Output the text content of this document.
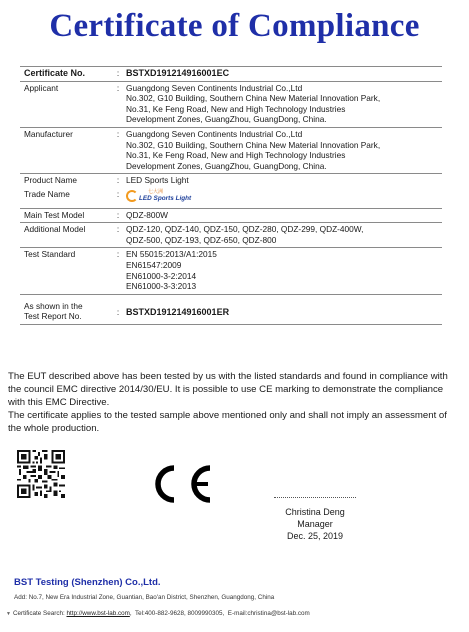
Certificate of Compliance
Certificate No.	:	BSTXD191214916001EC
Applicant	:	Guangdong Seven Continents Industrial Co.,Ltd
No.302, G10 Building, Southern China New Material Innovation Park,
No.31, Ke Feng Road, New and High Technology Industries
Development Zones, GuangZhou, GuangDong, China.

Manufacturer	:	Guangdong Seven Continents Industrial Co.,Ltd
No.302, G10 Building, Southern China New Material Innovation Park,
No.31, Ke Feng Road, New and High Technology Industries
Development Zones, GuangZhou, GuangDong, China.

Product Name	:	LED Sports Light
Trade Name	:	七大洲
LED Sports Light

Main Test Model	:	QDZ-800W
Additional Model	:	QDZ-120, QDZ-140, QDZ-150, QDZ-280, QDZ-299, QDZ-400W,
QDZ-500, QDZ-193, QDZ-650, QDZ-800

Test Standard	:	EN 55015:2013/A1:2015
EN61547:2009
EN61000-3-2:2014
EN61000-3-3:2013

As shown in the
Test Report No.	:	BSTXD191214916001ER

The EUT described above has been tested by us with the listed standards and found in compliance with the council EMC directive 2014/30/EU. It is possible to use CE marking to demonstrate the compliance with this EMC Directive.

The certificate applies to the tested sample above mentioned only and shall not imply an assessment of the whole production.

Christina Deng
Manager
Dec. 25, 2019
BST Testing (Shenzhen) Co.,Ltd.
Add: No.7, New Era Industrial Zone, Guantian, Bao'an District, Shenzhen, Guangdong, China
▼ Certificate Search: http://www.bst-lab.com,  Tel:400-882-9628, 8009990305, E-mail:christina@bst-lab.com
